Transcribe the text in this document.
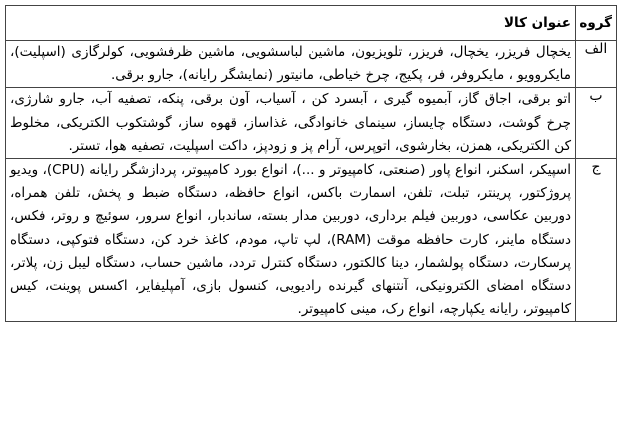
گروه	عنوان کالا
الف	یخچال فریزر، یخچال، فریزر، تلویزیون، ماشین لباسشویی، ماشین ظرفشویی، کولرگازی (اسپلیت)، مایکروویو ، مایکروفر، فر، پکیج، چرخ خیاطی، مانیتور (نمایشگر رایانه)، جارو برقی.
ب	اتو برقی، اجاق گاز، آبمیوه گیری ، آبسرد کن ، آسیاب، آون برقی، پنکه، تصفیه آب، جارو شارژی، چرخ گوشت، دستگاه چایساز، سینمای خانوادگی، غذاساز، قهوه ساز، گوشتکوب الکتریکی، مخلوط کن الکتریکی، همزن، بخارشوی، اتوپرس، آرام پز و زودپز، داکت اسپلیت، تصفیه هوا، تستر.
ج	اسپیکر، اسکنر، انواع پاور (صنعتی، کامپیوتر و ...)، انواع بورد کامپیوتر، پردازشگر رایانه (CPU)، ویدیو پروژکتور، پرینتر، تبلت، تلفن، اسمارت باکس، انواع حافظه، دستگاه ضبط و پخش، تلفن همراه، دوربین عکاسی، دوربین فیلم برداری، دوربین مدار بسته، ساندبار، انواع سرور، سوئیچ و روتر، فکس، دستگاه ماینر، کارت حافظه موقت (RAM)، لپ تاپ، مودم، کاغذ خرد کن، دستگاه فتوکپی، دستگاه پرسکارت، دستگاه پولشمار، دینا کالکتور، دستگاه کنترل تردد، ماشین حساب، دستگاه لیبل زن، پلاتر، دستگاه امضای الکترونیکی، آنتنهای گیرنده رادیویی، کنسول بازی، آمپلیفایر، اکسس پوینت، کیس کامپیوتر، رایانه یکپارچه، انواع رک، مینی کامپیوتر.
